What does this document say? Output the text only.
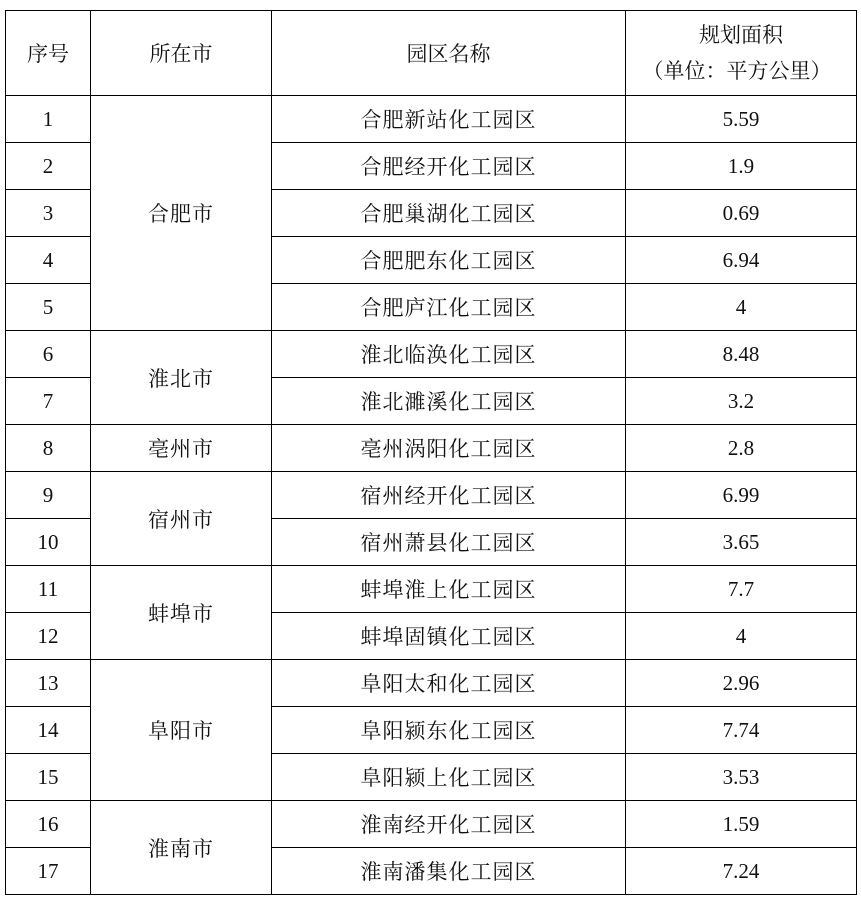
序号	所在市	园区名称	规划面积
（单位：平方公里）

1	合肥市	合肥新站化工园区	5.59
2		合肥经开化工园区	1.9
3		合肥巢湖化工园区	0.69
4		合肥肥东化工园区	6.94
5		合肥庐江化工园区	4
6	淮北市	淮北临涣化工园区	8.48
7		淮北濉溪化工园区	3.2
8	亳州市	亳州涡阳化工园区	2.8
9	宿州市	宿州经开化工园区	6.99
10		宿州萧县化工园区	3.65
11	蚌埠市	蚌埠淮上化工园区	7.7
12		蚌埠固镇化工园区	4
13	阜阳市	阜阳太和化工园区	2.96
14		阜阳颍东化工园区	7.74
15		阜阳颍上化工园区	3.53
16	淮南市	淮南经开化工园区	1.59
17		淮南潘集化工园区	7.24
